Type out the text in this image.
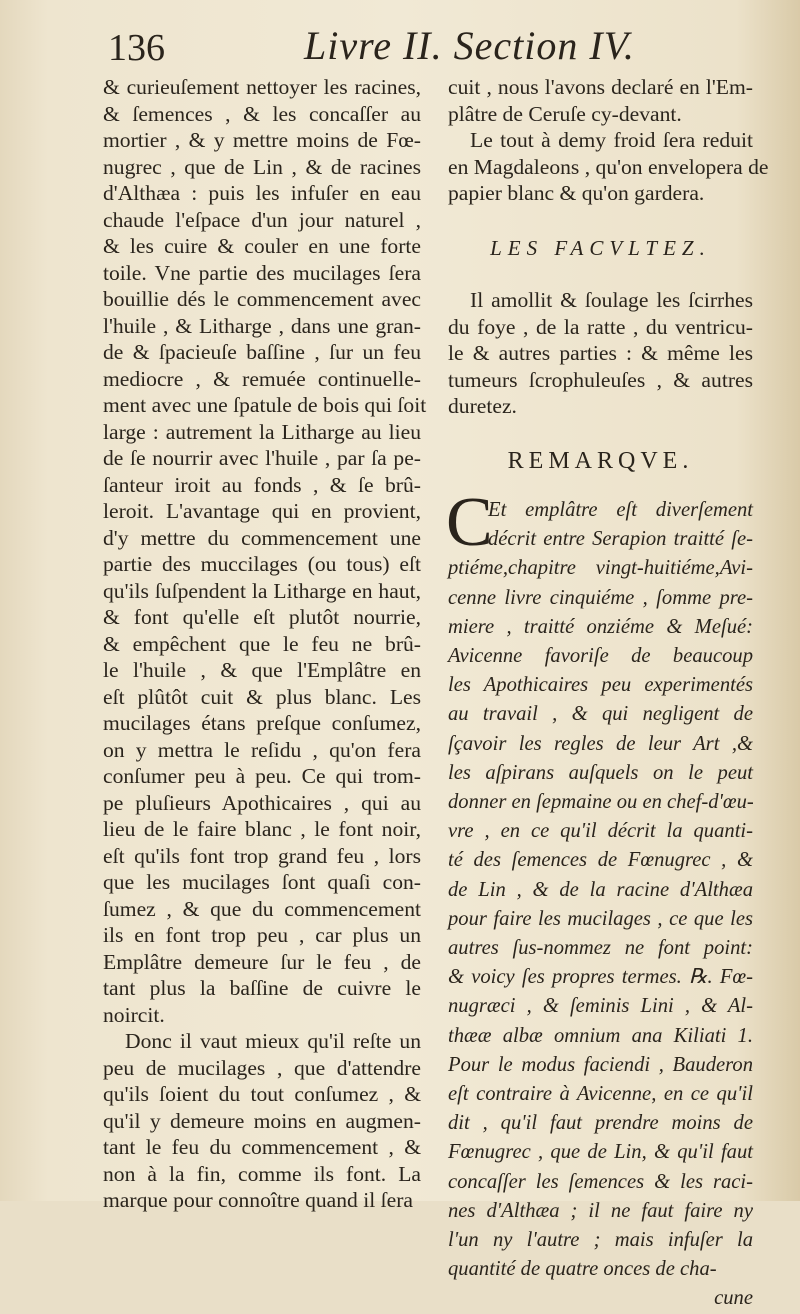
136	Livre II. Section IV.
& curieuſement nettoyer les racines,
& ſemences , & les concaſſer au
mortier , & y mettre moins de Fœ-
nugrec , que de Lin , & de racines
d'Althæa : puis les infuſer en eau
chaude l'eſpace d'un jour naturel ,
& les cuire & couler en une forte
toile. Vne partie des mucilages ſera
bouillie dés le commencement avec
l'huile , & Litharge , dans une gran-
de & ſpacieuſe baſſine , ſur un feu
mediocre , & remuée continuelle-
ment avec une ſpatule de bois qui ſoit
large : autrement la Litharge au lieu
de ſe nourrir avec l'huile , par ſa pe-
ſanteur iroit au fonds , & ſe brû-
leroit. L'avantage qui en provient,
d'y mettre du commencement une
partie des muccilages (ou tous) eſt
qu'ils ſuſpendent la Litharge en haut,
& font qu'elle eſt plutôt nourrie,
& empêchent que le feu ne brû-
le l'huile , & que l'Emplâtre en
eſt plûtôt cuit & plus blanc. Les
mucilages étans preſque conſumez,
on y mettra le reſidu , qu'on fera
conſumer peu à peu. Ce qui trom-
pe pluſieurs Apothicaires , qui au
lieu de le faire blanc , le font noir,
eſt qu'ils font trop grand feu , lors
que les mucilages ſont quaſi con-
ſumez , & que du commencement
ils en font trop peu , car plus un
Emplâtre demeure ſur le feu , de
tant plus la baſſine de cuivre le
noircit.
Donc il vaut mieux qu'il reſte un
peu de mucilages , que d'attendre
qu'ils ſoient du tout conſumez , &
qu'il y demeure moins en augmen-
tant le feu du commencement , &
non à la fin, comme ils font. La
marque pour connoître quand il ſera
cuit , nous l'avons declaré en l'Em-
plâtre de Ceruſe cy-devant.
Le tout à demy froid ſera reduit
en Magdaleons , qu'on envelopera de
papier blanc & qu'on gardera.
LES FACVLTEZ.
Il amollit & ſoulage les ſcirrhes
du foye , de la ratte , du ventricu-
le & autres parties : & même les
tumeurs ſcrophuleuſes , & autres
duretez.
REMARQVE.
C
Et emplâtre eſt diverſement
décrit entre Serapion traitté ſe-
ptiéme,chapitre vingt-huitiéme,Avi-
cenne livre cinquiéme , ſomme pre-
miere , traitté onziéme & Meſué:
Avicenne favoriſe de beaucoup
les Apothicaires peu experimentés
au travail , & qui negligent de
ſçavoir les regles de leur Art ,&
les aſpirans auſquels on le peut
donner en ſepmaine ou en chef-d'œu-
vre , en ce qu'il décrit la quanti-
té des ſemences de Fœnugrec , &
de Lin , & de la racine d'Althæa
pour faire les mucilages , ce que les
autres ſus-nommez ne font point:
& voicy ſes propres termes. ℞. Fœ-
nugræci , & ſeminis Lini , & Al-
thææ albæ omnium ana Kiliati 1.
Pour le modus faciendi , Bauderon
eſt contraire à Avicenne, en ce qu'il
dit , qu'il faut prendre moins de
Fœnugrec , que de Lin, & qu'il faut
concaſſer les ſemences & les raci-
nes d'Althæa ; il ne faut faire ny
l'un ny l'autre ; mais infuſer la
quantité de quatre onces de cha-
cune
